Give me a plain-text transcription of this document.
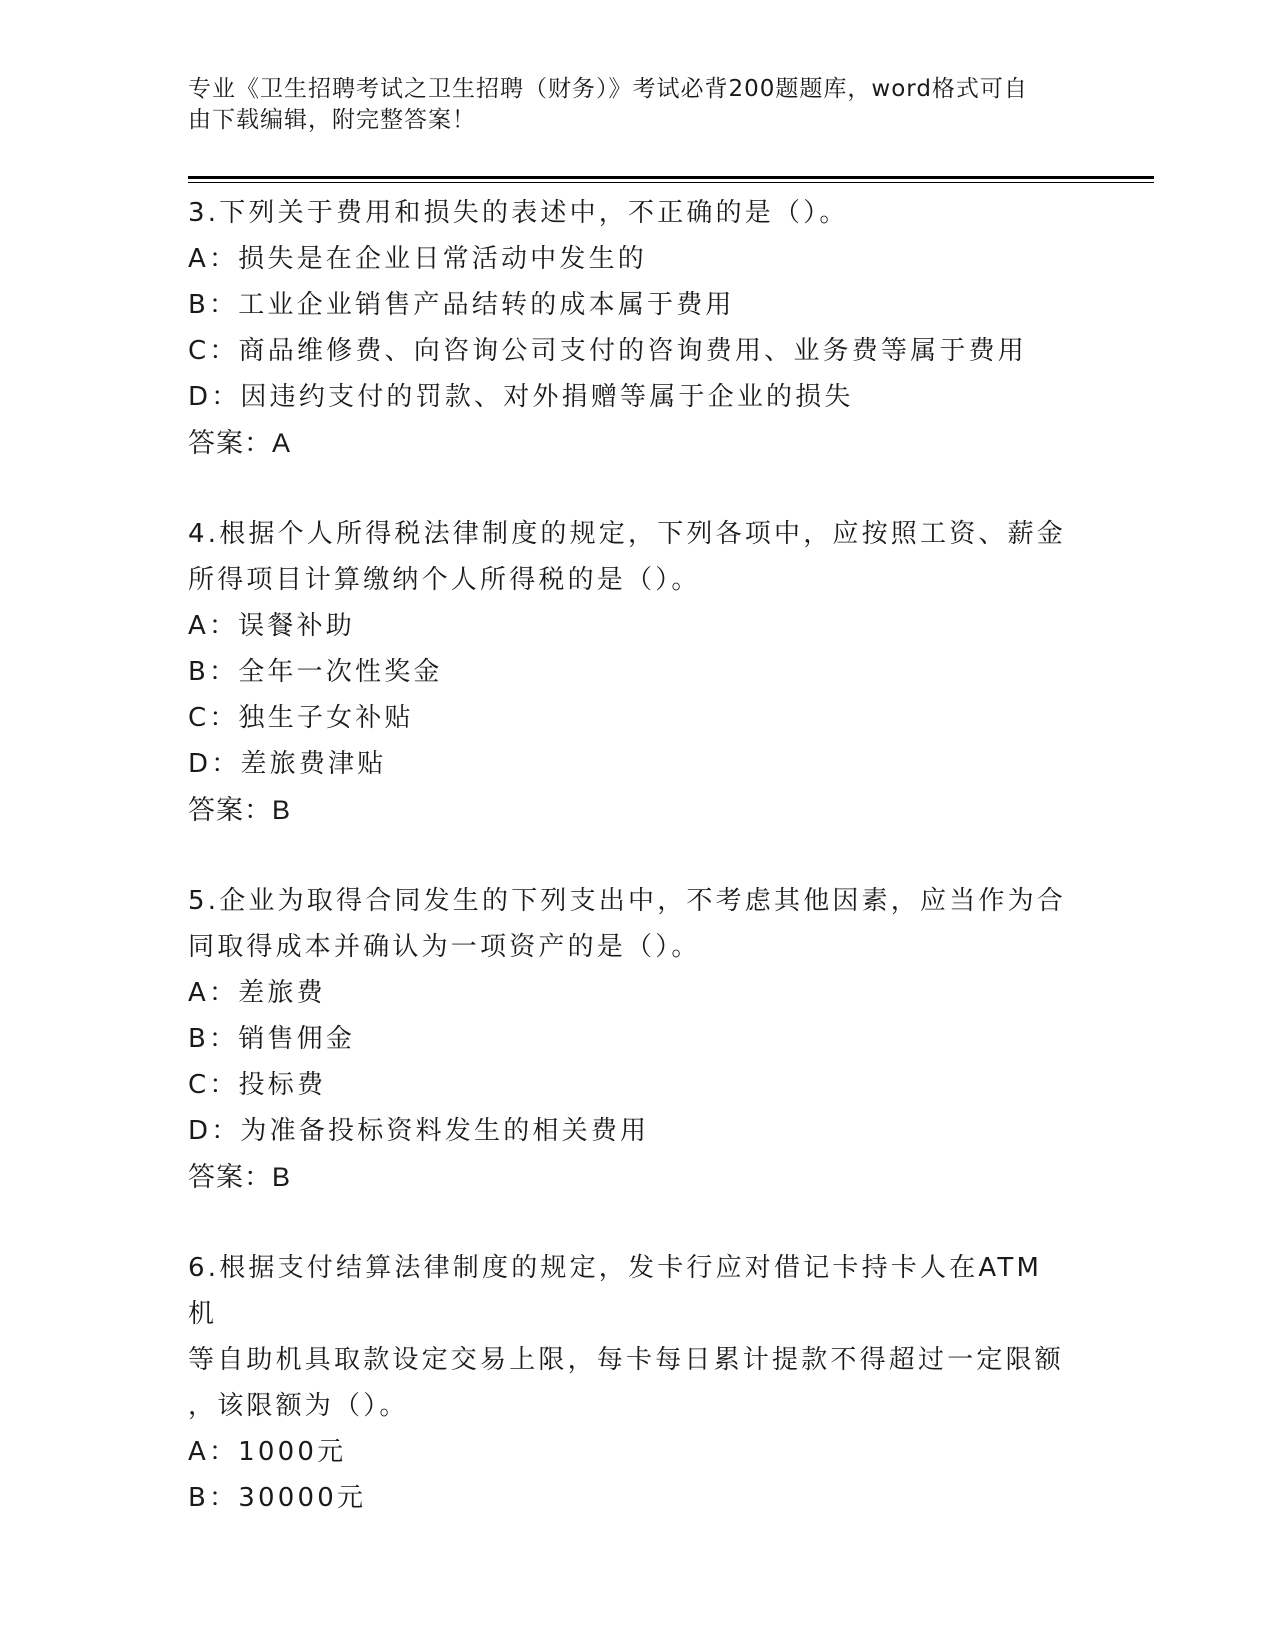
专业《卫生招聘考试之卫生招聘（财务）》考试必背200题题库，word格式可自
由下载编辑，附完整答案！
3.下列关于费用和损失的表述中，不正确的是（）。
A：损失是在企业日常活动中发生的
B：工业企业销售产品结转的成本属于费用
C：商品维修费、向咨询公司支付的咨询费用、业务费等属于费用
D：因违约支付的罚款、对外捐赠等属于企业的损失
答案：A
4.根据个人所得税法律制度的规定，下列各项中，应按照工资、薪金
所得项目计算缴纳个人所得税的是（）。
A：误餐补助
B：全年一次性奖金
C：独生子女补贴
D：差旅费津贴
答案：B
5.企业为取得合同发生的下列支出中，不考虑其他因素，应当作为合
同取得成本并确认为一项资产的是（）。
A：差旅费
B：销售佣金
C：投标费
D：为准备投标资料发生的相关费用
答案：B
6.根据支付结算法律制度的规定，发卡行应对借记卡持卡人在ATM机
等自助机具取款设定交易上限，每卡每日累计提款不得超过一定限额
，该限额为（）。
A：1000元
B：30000元
